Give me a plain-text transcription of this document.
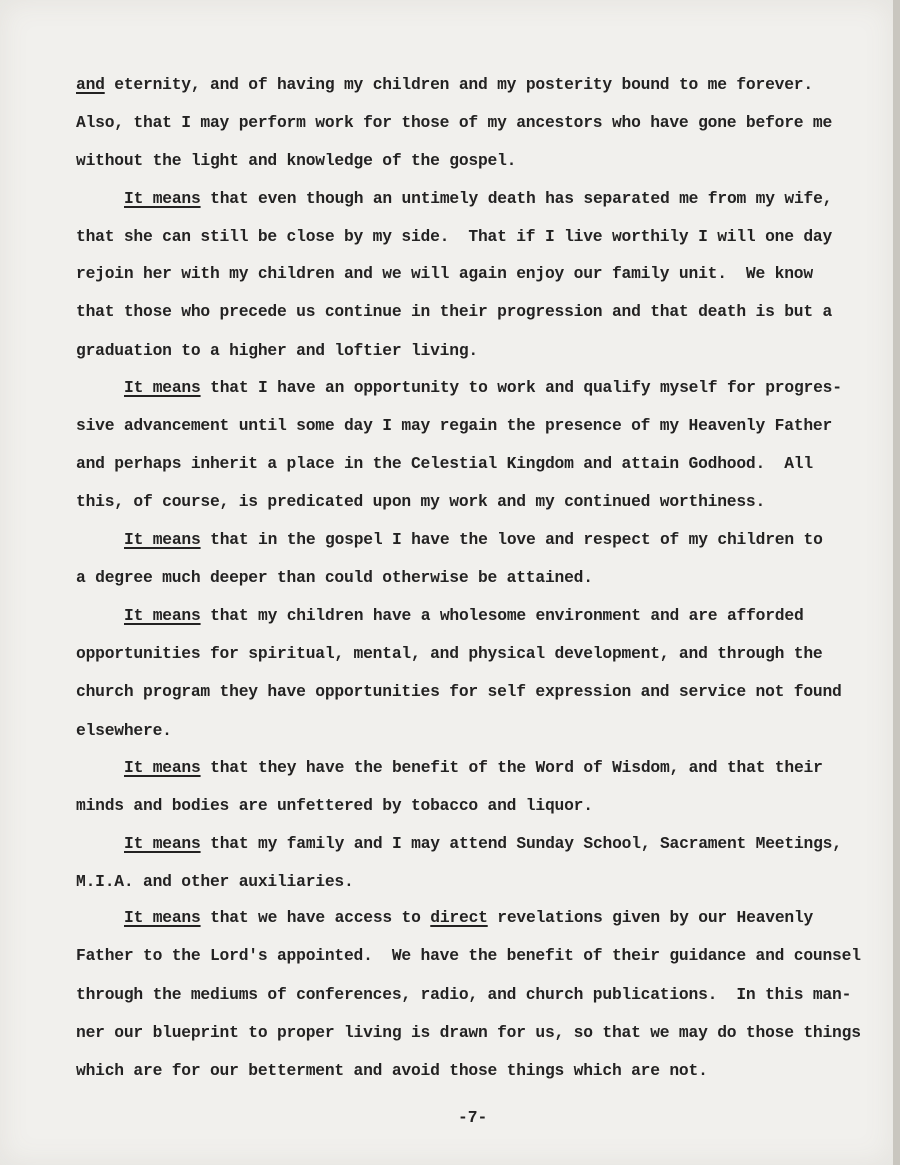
and eternity, and of having my children and my posterity bound to me forever.
Also, that I may perform work for those of my ancestors who have gone before me
without the light and knowledge of the gospel.
It means that even though an untimely death has separated me from my wife,
that she can still be close by my side.  That if I live worthily I will one day
rejoin her with my children and we will again enjoy our family unit.  We know
that those who precede us continue in their progression and that death is but a
graduation to a higher and loftier living.
It means that I have an opportunity to work and qualify myself for progres-
sive advancement until some day I may regain the presence of my Heavenly Father
and perhaps inherit a place in the Celestial Kingdom and attain Godhood.  All
this, of course, is predicated upon my work and my continued worthiness.
It means that in the gospel I have the love and respect of my children to
a degree much deeper than could otherwise be attained.
It means that my children have a wholesome environment and are afforded
opportunities for spiritual, mental, and physical development, and through the
church program they have opportunities for self expression and service not found
elsewhere.
It means that they have the benefit of the Word of Wisdom, and that their
minds and bodies are unfettered by tobacco and liquor.
It means that my family and I may attend Sunday School, Sacrament Meetings,
M.I.A. and other auxiliaries.
It means that we have access to direct revelations given by our Heavenly
Father to the Lord's appointed.  We have the benefit of their guidance and counsel
through the mediums of conferences, radio, and church publications.  In this man-
ner our blueprint to proper living is drawn for us, so that we may do those things
which are for our betterment and avoid those things which are not.
-7-
